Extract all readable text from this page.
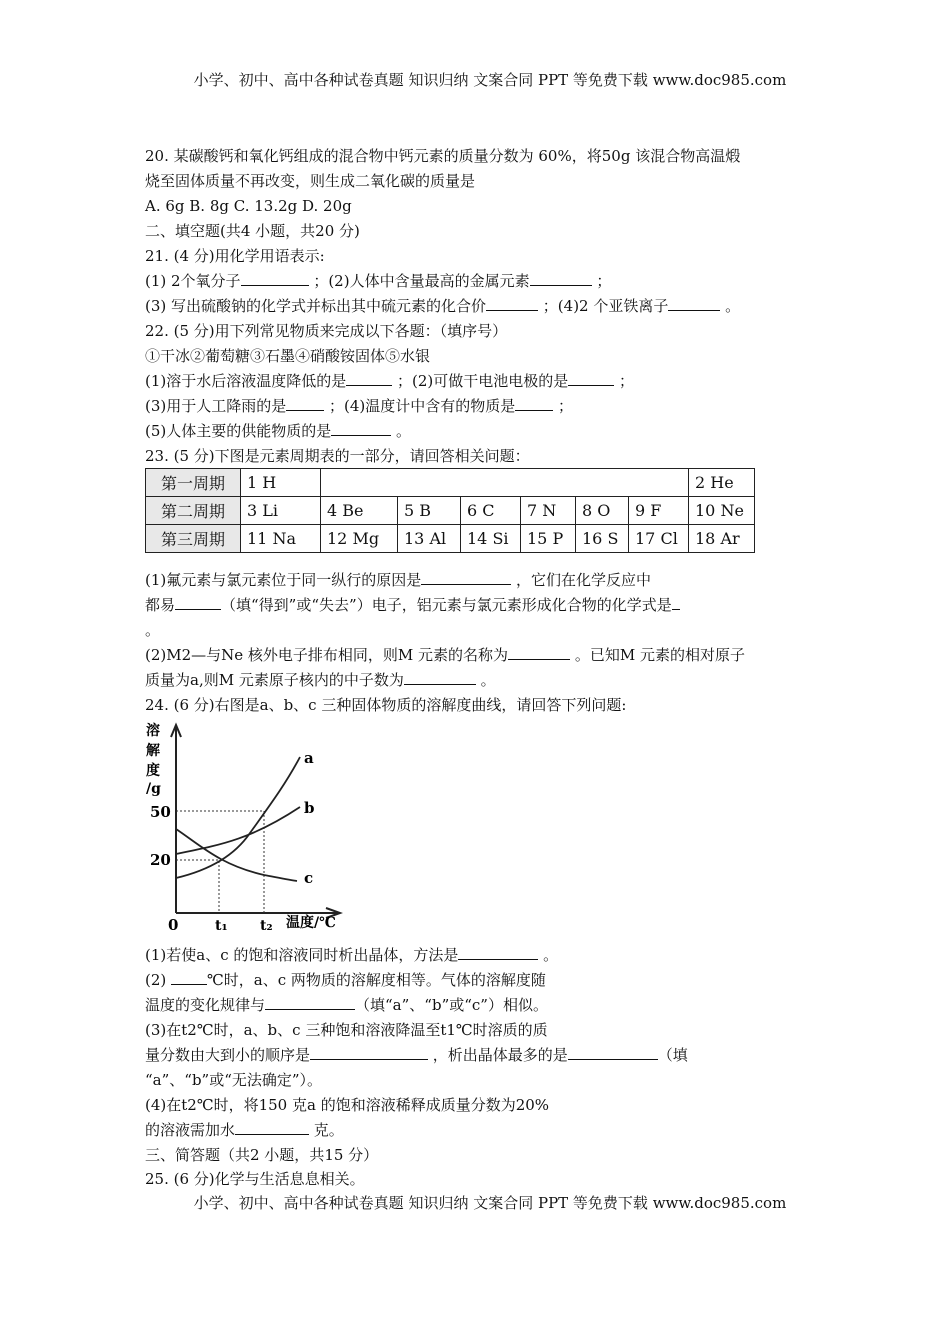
小学、初中、高中各种试卷真题 知识归纳 文案合同 PPT 等免费下载 www.doc985.com
20. 某碳酸钙和氧化钙组成的混合物中钙元素的质量分数为 60%，将50g 该混合物高温煅
烧至固体质量不再改变，则生成二氧化碳的质量是
A. 6g B. 8g C. 13.2g D. 20g
二、填空题(共4 小题，共20 分)
21. (4 分)用化学用语表示:
(1) 2个氧分子	；(2)人体中含量最高的金属元素	；
(3) 写出硫酸钠的化学式并标出其中硫元素的化合价	；(4)2 个亚铁离子	。
22. (5 分)用下列常见物质来完成以下各题：（填序号）
①干冰②葡萄糖③石墨④硝酸铵固体⑤水银
(1)溶于水后溶液温度降低的是	；(2)可做干电池电极的是	；
(3)用于人工降雨的是	；(4)温度计中含有的物质是	；
(5)人体主要的供能物质的是	。
23. (5 分)下图是元素周期表的一部分，请回答相关问题：
第一周期	1 H							2 He
第二周期	3 Li	4 Be	5 B	6 C	7 N	8 O	9 F	10 Ne
第三周期	11 Na	12 Mg	13 Al	14 Si	15 P	16 S	17 Cl	18 Ar
(1)氟元素与氯元素位于同一纵行的原因是	，它们在化学反应中
都易	（填“得到”或“失去”）电子，铝元素与氯元素形成化合物的化学式是
。
(2)M2—与Ne 核外电子排布相同，则M 元素的名称为	。已知M 元素的相对原子
质量为a,则M 元素原子核内的中子数为	。
24. (6 分)右图是a、b、c 三种固体物质的溶解度曲线，请回答下列问题:
溶
解
度
/g
50
20
0	t₁ t₂ 温度/℃
a
b
c
(1)若使a、c 的饱和溶液同时析出晶体，方法是	。
(2) ℃时，a、c 两物质的溶解度相等。气体的溶解度随
温度的变化规律与	（填“a”、“b”或“c”）相似。
(3)在t2℃时，a、b、c 三种饱和溶液降温至t1℃时溶质的质
量分数由大到小的顺序是	，析出晶体最多的是	（填
“a”、“b”或“无法确定”）。
(4)在t2℃时，将150 克a 的饱和溶液稀释成质量分数为20%
的溶液需加水	克。
三、简答题（共2 小题，共15 分）
25. (6 分)化学与生活息息相关。
小学、初中、高中各种试卷真题 知识归纳 文案合同 PPT 等免费下载 www.doc985.com
